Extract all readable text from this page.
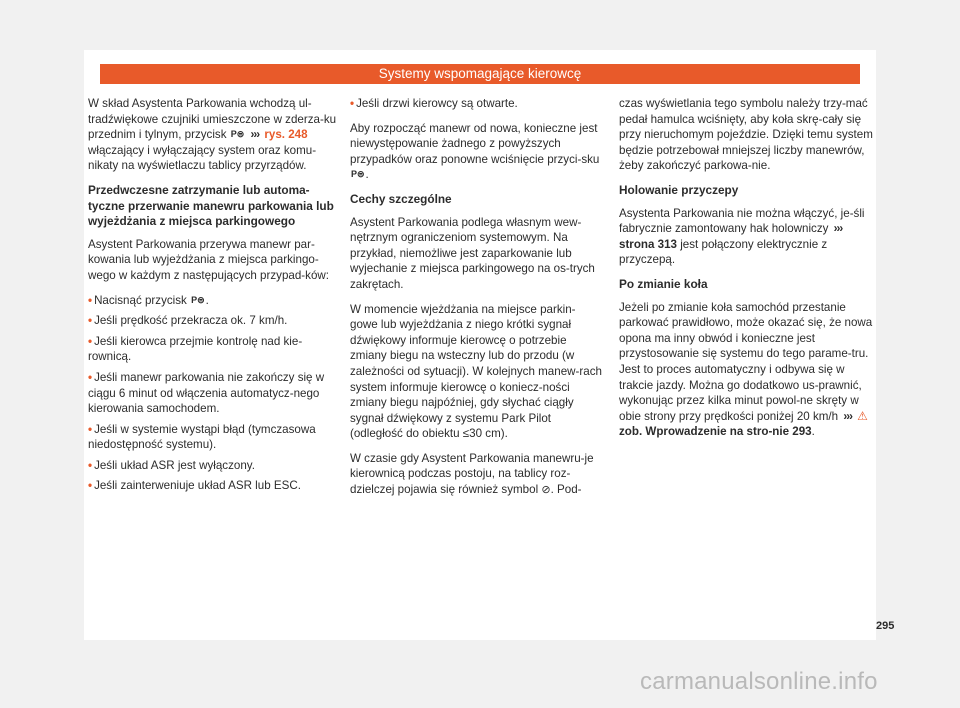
Systemy wspomagające kierowcę

W skład Asystenta Parkowania wchodzą ul-tradźwiękowe czujniki umieszczone w zderza-ku przednim i tylnym, przycisk P⊜ ››› rys. 248 włączający i wyłączający system oraz komu-nikaty na wyświetlaczu tablicy przyrządów.

Przedwczesne zatrzymanie lub automa-tyczne przerwanie manewru parkowania lub wyjeżdżania z miejsca parkingowego

Asystent Parkowania przerywa manewr par-kowania lub wyjeżdżania z miejsca parkingo-wego w każdym z następujących przypad-ków:

• Nacisnąć przycisk P⊜.
• Jeśli prędkość przekracza ok. 7 km/h.
• Jeśli kierowca przejmie kontrolę nad kie-rownicą.
• Jeśli manewr parkowania nie zakończy się w ciągu 6 minut od włączenia automatycz-nego kierowania samochodem.
• Jeśli w systemie wystąpi błąd (tymczasowa niedostępność systemu).
• Jeśli układ ASR jest wyłączony.
• Jeśli zainterweniuje układ ASR lub ESC.
• Jeśli drzwi kierowcy są otwarte.

Aby rozpocząć manewr od nowa, konieczne jest niewystępowanie żadnego z powyższych przypadków oraz ponowne wciśnięcie przyci-sku P⊜.

Cechy szczególne

Asystent Parkowania podlega własnym wew-nętrznym ograniczeniom systemowym. Na przykład, niemożliwe jest zaparkowanie lub wyjechanie z miejsca parkingowego na os-trych zakrętach.

W momencie wjeżdżania na miejsce parkin-gowe lub wyjeżdżania z niego krótki sygnał dźwiękowy informuje kierowcę o potrzebie zmiany biegu na wsteczny lub do przodu (w zależności od sytuacji). W kolejnych manew-rach system informuje kierowcę o koniecz-ności zmiany biegu najpóźniej, gdy słychać ciągły sygnał dźwiękowy z systemu Park Pilot (odległość do obiektu ≤30 cm).

W czasie gdy Asystent Parkowania manewru-je kierownicą podczas postoju, na tablicy roz-dzielczej pojawia się również symbol ⊘. Pod-

czas wyświetlania tego symbolu należy trzy-mać pedał hamulca wciśnięty, aby koła skrę-cały się przy nieruchomym pojeździe. Dzięki temu system będzie potrzebował mniejszej liczby manewrów, żeby zakończyć parkowa-nie.

Holowanie przyczepy

Asystenta Parkowania nie można włączyć, je-śli fabrycznie zamontowany hak holowniczy ››› strona 313 jest połączony elektrycznie z przyczepą.

Po zmianie koła

Jeżeli po zmianie koła samochód przestanie parkować prawidłowo, może okazać się, że nowa opona ma inny obwód i konieczne jest przystosowanie się systemu do tego parame-tru. Jest to proces automatyczny i odbywa się w trakcie jazdy. Można go dodatkowo us-prawnić, wykonując przez kilka minut powol-ne skręty w obie strony przy prędkości poniżej 20 km/h ››› ⚠ zob. Wprowadzenie na stro-nie 293.

295
carmanualsonline.info
